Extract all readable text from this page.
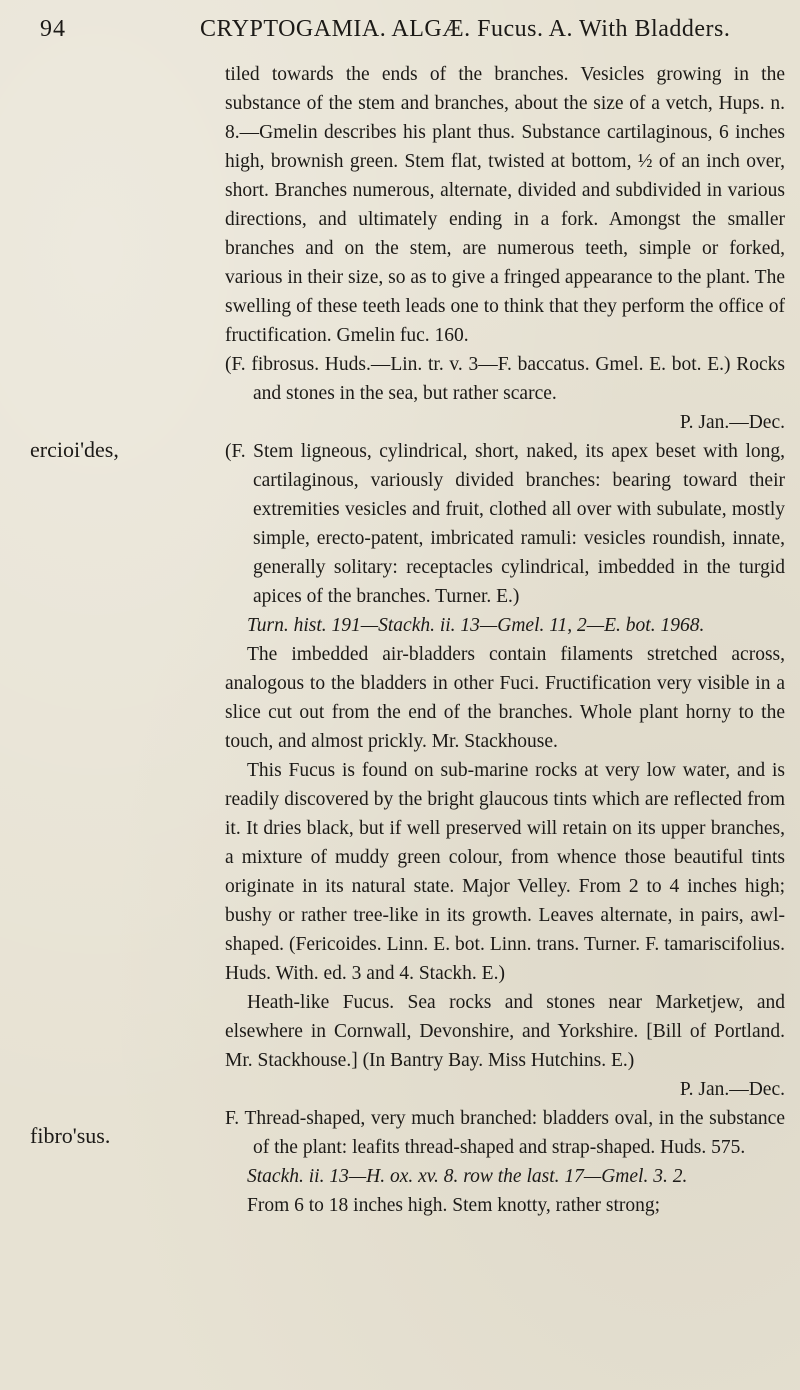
94	CRYPTOGAMIA. ALGÆ. Fucus. A. With Bladders.
ercioi'des,
fibro'sus.

tiled towards the ends of the branches. Vesicles growing in the substance of the stem and branches, about the size of a vetch, Hups. n. 8.—Gmelin describes his plant thus. Substance cartilaginous, 6 inches high, brownish green. Stem flat, twisted at bottom, ½ of an inch over, short. Branches numerous, alternate, divided and subdivided in various directions, and ultimately ending in a fork. Amongst the smaller branches and on the stem, are numerous teeth, simple or forked, various in their size, so as to give a fringed appearance to the plant. The swelling of these teeth leads one to think that they perform the office of fructification. Gmelin fuc. 160.

(F. fibrosus. Huds.—Lin. tr. v. 3—F. baccatus. Gmel. E. bot. E.) Rocks and stones in the sea, but rather scarce.

P. Jan.—Dec.

(F. Stem ligneous, cylindrical, short, naked, its apex beset with long, cartilaginous, variously divided branches: bearing toward their extremities vesicles and fruit, clothed all over with subulate, mostly simple, erecto-patent, imbricated ramuli: vesicles roundish, innate, generally solitary: receptacles cylindrical, imbedded in the turgid apices of the branches. Turner. E.)

Turn. hist. 191—Stackh. ii. 13—Gmel. 11, 2—E. bot. 1968.

The imbedded air-bladders contain filaments stretched across, analogous to the bladders in other Fuci. Fructification very visible in a slice cut out from the end of the branches. Whole plant horny to the touch, and almost prickly. Mr. Stackhouse.

This Fucus is found on sub-marine rocks at very low water, and is readily discovered by the bright glaucous tints which are reflected from it. It dries black, but if well preserved will retain on its upper branches, a mixture of muddy green colour, from whence those beautiful tints originate in its natural state. Major Velley. From 2 to 4 inches high; bushy or rather tree-like in its growth. Leaves alternate, in pairs, awl-shaped. (Fericoides. Linn. E. bot. Linn. trans. Turner. F. tamariscifolius. Huds. With. ed. 3 and 4. Stackh. E.)

Heath-like Fucus. Sea rocks and stones near Marketjew, and elsewhere in Cornwall, Devonshire, and Yorkshire. [Bill of Portland. Mr. Stackhouse.] (In Bantry Bay. Miss Hutchins. E.)

P. Jan.—Dec.

F. Thread-shaped, very much branched: bladders oval, in the substance of the plant: leafits thread-shaped and strap-shaped. Huds. 575.

Stackh. ii. 13—H. ox. xv. 8. row the last. 17—Gmel. 3. 2.

From 6 to 18 inches high. Stem knotty, rather strong;
